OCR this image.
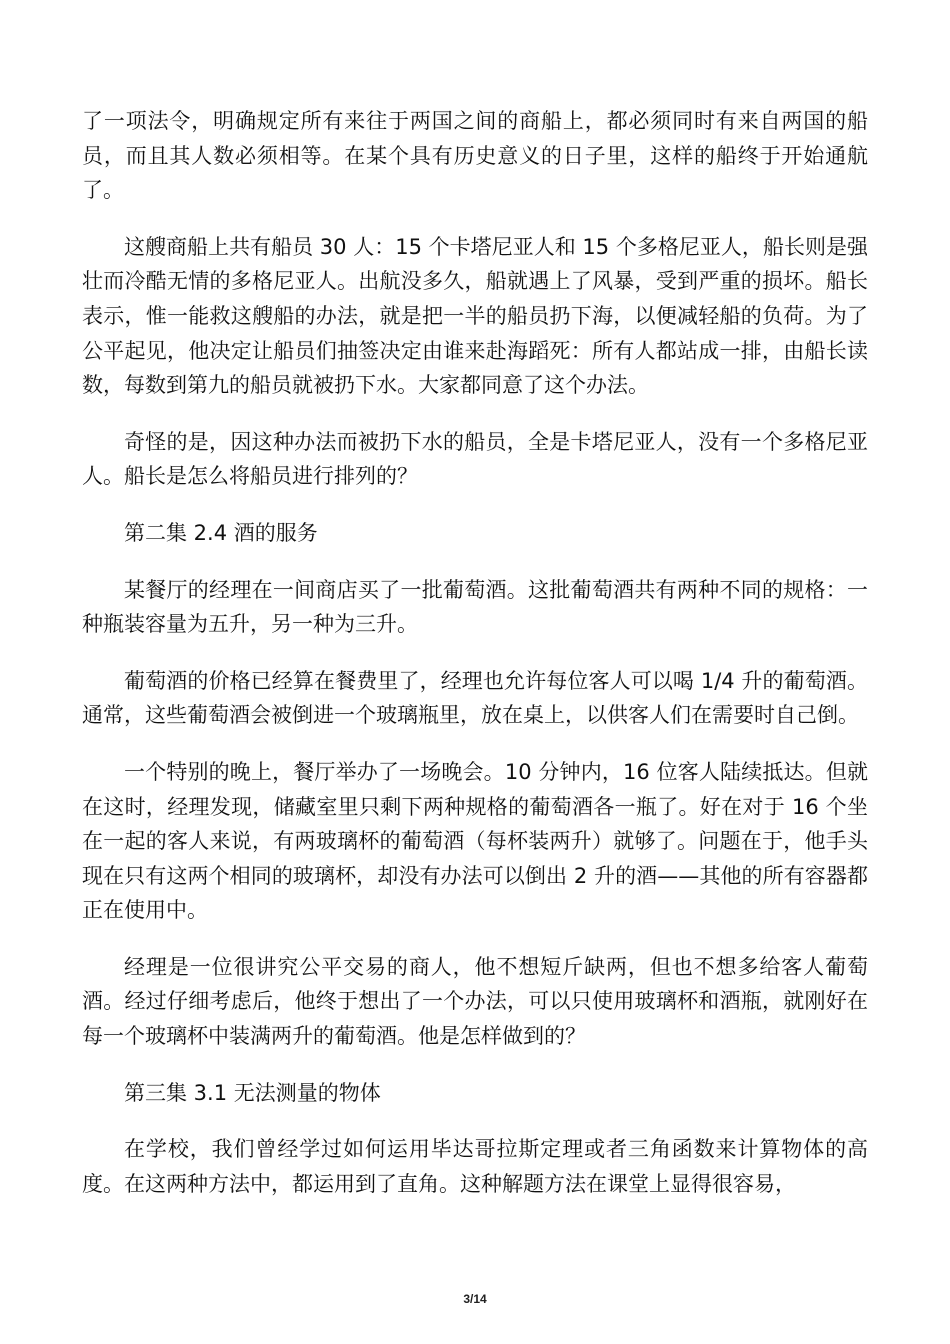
了一项法令，明确规定所有来往于两国之间的商船上，都必须同时有来自两国的船员，而且其人数必须相等。在某个具有历史意义的日子里，这样的船终于开始通航了。

这艘商船上共有船员 30 人：15 个卡塔尼亚人和 15 个多格尼亚人，船长则是强壮而冷酷无情的多格尼亚人。出航没多久，船就遇上了风暴，受到严重的损坏。船长表示，惟一能救这艘船的办法，就是把一半的船员扔下海，以便减轻船的负荷。为了公平起见，他决定让船员们抽签决定由谁来赴海蹈死：所有人都站成一排，由船长读数，每数到第九的船员就被扔下水。大家都同意了这个办法。

奇怪的是，因这种办法而被扔下水的船员，全是卡塔尼亚人，没有一个多格尼亚人。船长是怎么将船员进行排列的？

第二集 2.4 酒的服务

某餐厅的经理在一间商店买了一批葡萄酒。这批葡萄酒共有两种不同的规格：一种瓶装容量为五升，另一种为三升。

葡萄酒的价格已经算在餐费里了，经理也允许每位客人可以喝 1/4 升的葡萄酒。通常，这些葡萄酒会被倒进一个玻璃瓶里，放在桌上，以供客人们在需要时自己倒。

一个特别的晚上，餐厅举办了一场晚会。10 分钟内，16 位客人陆续抵达。但就在这时，经理发现，储藏室里只剩下两种规格的葡萄酒各一瓶了。好在对于 16 个坐在一起的客人来说，有两玻璃杯的葡萄酒（每杯装两升）就够了。问题在于，他手头现在只有这两个相同的玻璃杯，却没有办法可以倒出 2 升的酒——其他的所有容器都正在使用中。

经理是一位很讲究公平交易的商人，他不想短斤缺两，但也不想多给客人葡萄酒。经过仔细考虑后，他终于想出了一个办法，可以只使用玻璃杯和酒瓶，就刚好在每一个玻璃杯中装满两升的葡萄酒。他是怎样做到的？

第三集 3.1 无法测量的物体

在学校，我们曾经学过如何运用毕达哥拉斯定理或者三角函数来计算物体的高度。在这两种方法中，都运用到了直角。这种解题方法在课堂上显得很容易，

3/14
